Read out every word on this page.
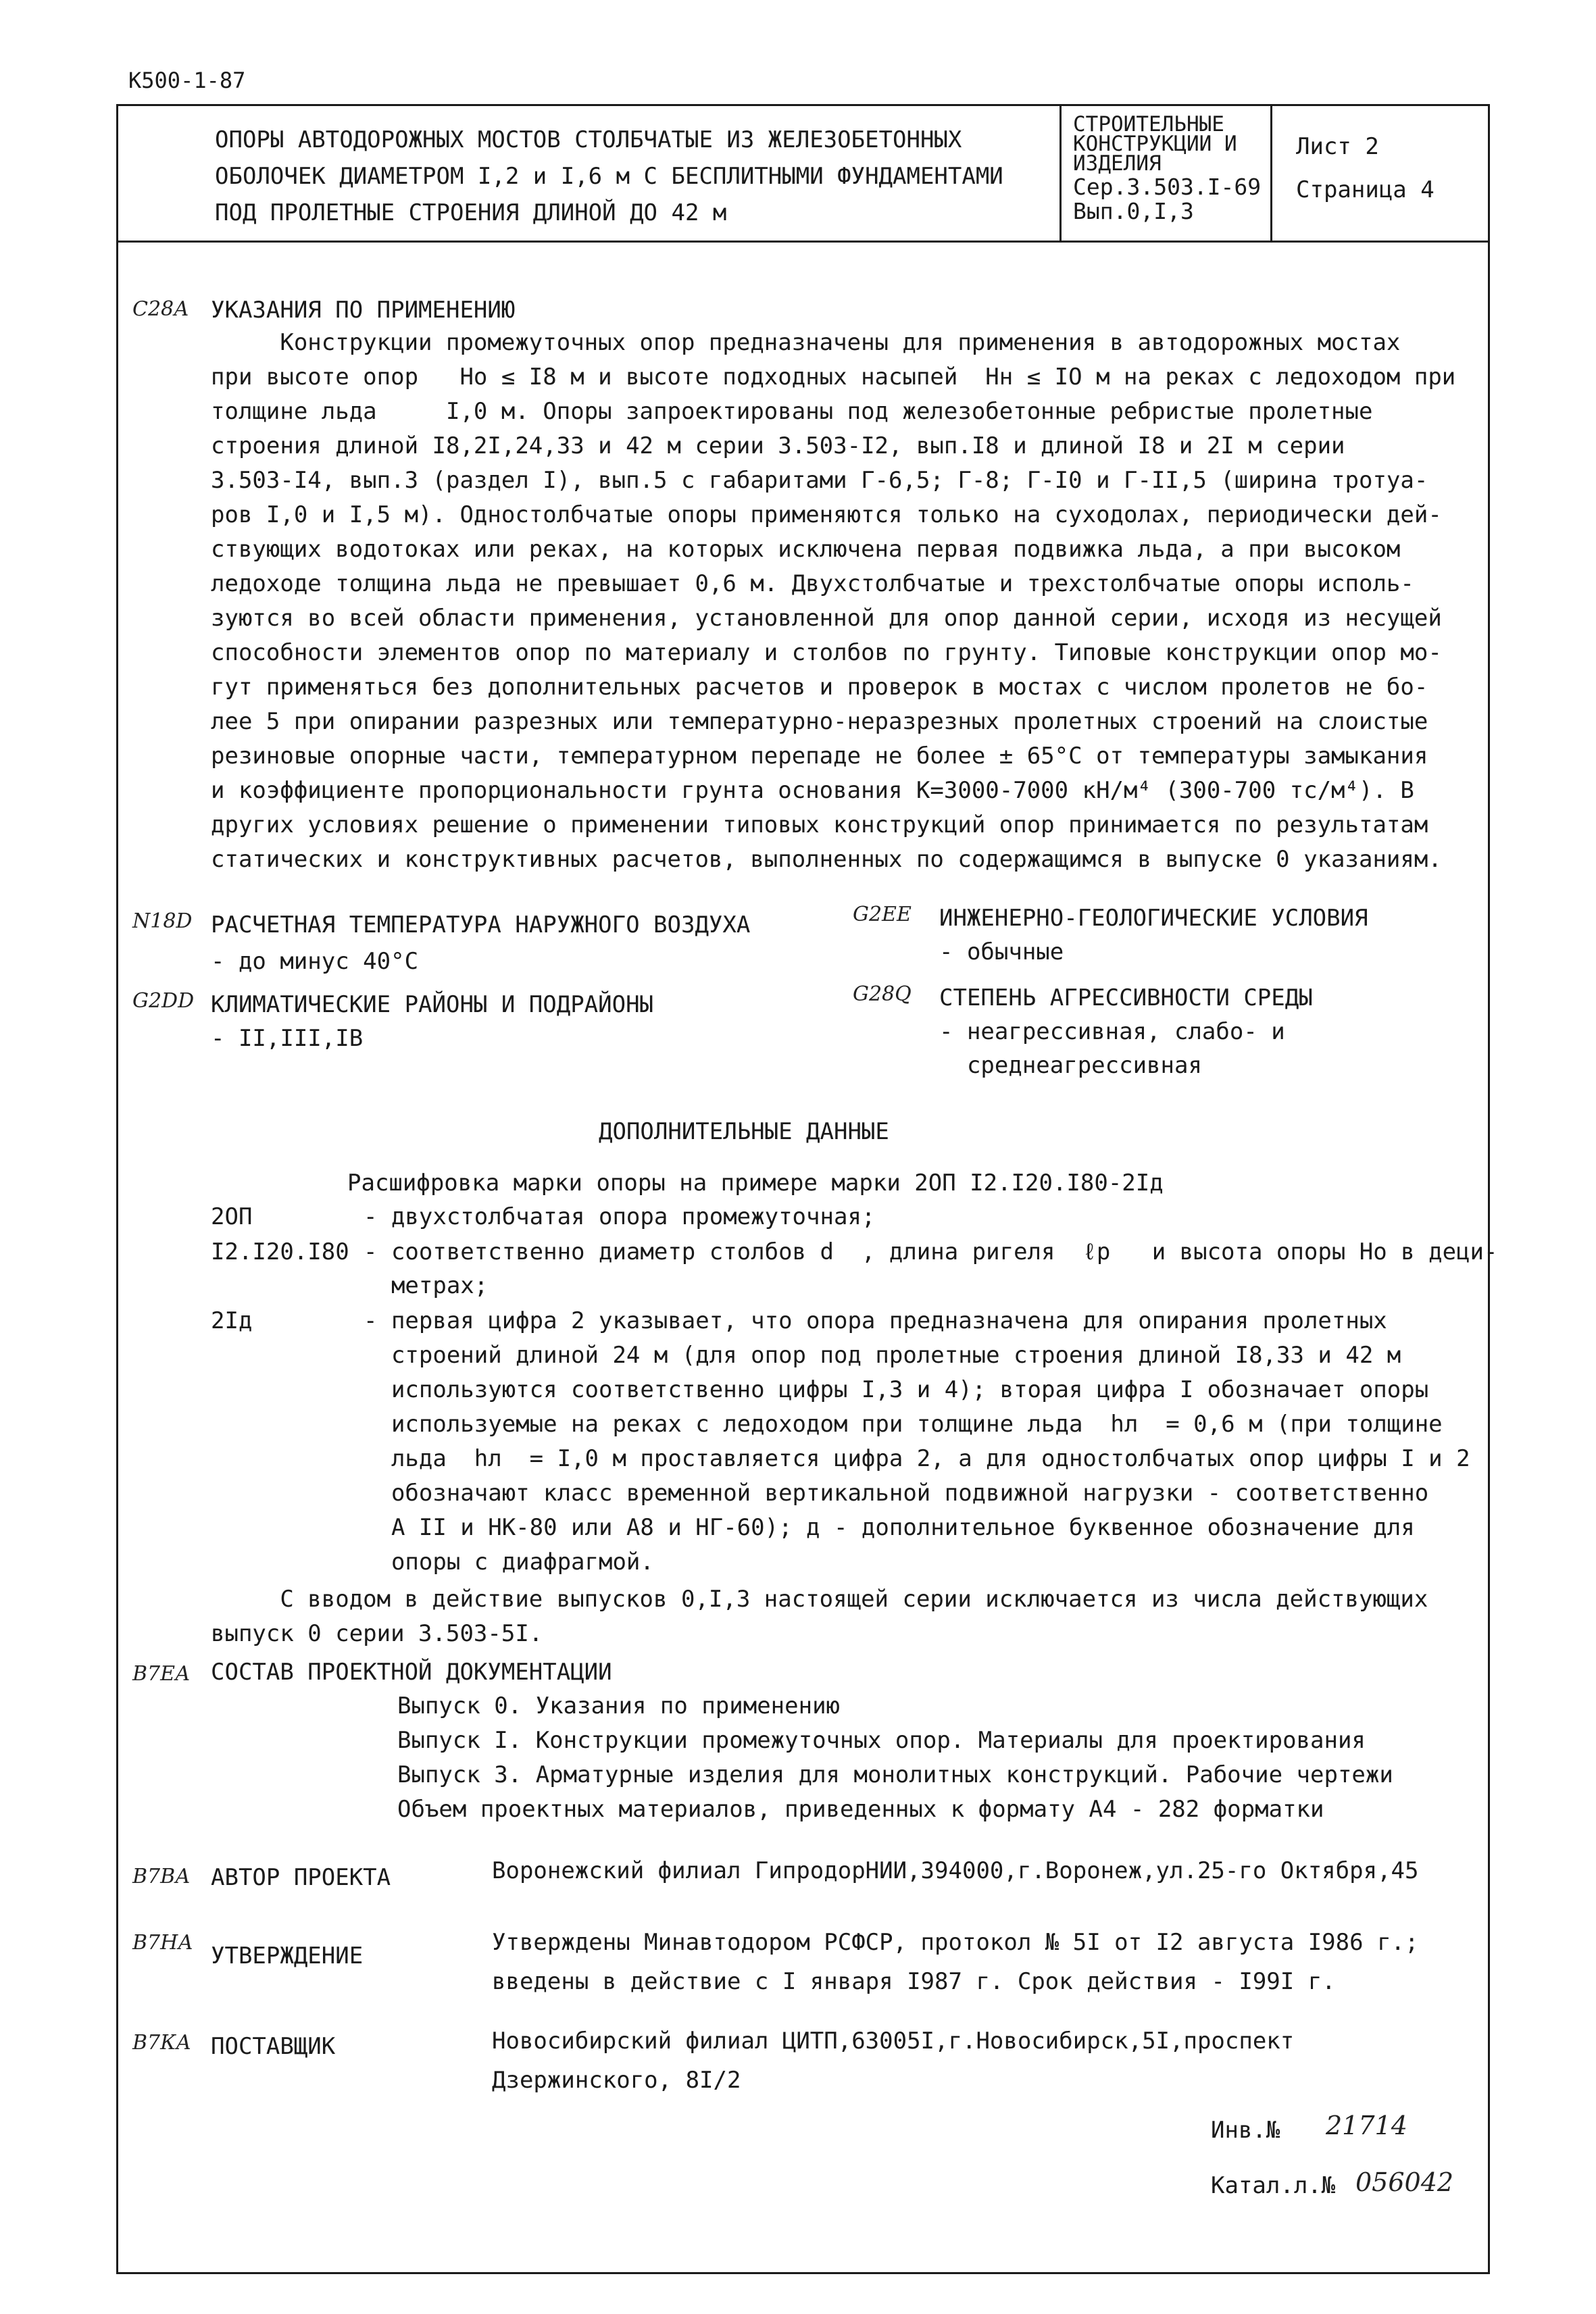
К500-1-87
ОПОРЫ АВТОДОРОЖНЫХ МОСТОВ СТОЛБЧАТЫЕ ИЗ ЖЕЛЕЗОБЕТОННЫХ
ОБОЛОЧЕК ДИАМЕТРОМ I,2 и I,6 м С БЕСПЛИТНЫМИ ФУНДАМЕНТАМИ
ПОД ПРОЛЕТНЫЕ СТРОЕНИЯ ДЛИНОЙ ДО 42 м
СТРОИТЕЛЬНЫЕ
КОНСТРУКЦИИ И
ИЗДЕЛИЯ
Сер.3.503.I-69
Вып.0,I,3
Лист 2
Страница 4
С28А УКАЗАНИЯ ПО ПРИМЕНЕНИЮ
Конструкции промежуточных опор предназначены для применения в автодорожных мостах
при высоте опор   Hо ≤ I8 м и высоте подходных насыпей  Hн ≤ IO м на реках с ледоходом при
толщине льда     I,0 м. Опоры запроектированы под железобетонные ребристые пролетные
строения длиной I8,2I,24,33 и 42 м серии 3.503-I2, вып.I8 и длиной I8 и 2I м серии
3.503-I4, вып.3 (раздел I), вып.5 с габаритами Г-6,5; Г-8; Г-I0 и Г-II,5 (ширина тротуа-
ров I,0 и I,5 м). Одностолбчатые опоры применяются только на суходолах, периодически дей-
ствующих водотоках или реках, на которых исключена первая подвижка льда, а при высоком
ледоходе толщина льда не превышает 0,6 м. Двухстолбчатые и трехстолбчатые опоры исполь-
зуются во всей области применения, установленной для опор данной серии, исходя из несущей
способности элементов опор по материалу и столбов по грунту. Типовые конструкции опор мо-
гут применяться без дополнительных расчетов и проверок в мостах с числом пролетов не бо-
лее 5 при опирании разрезных или температурно-неразрезных пролетных строений на слоистые
резиновые опорные части, температурном перепаде не более ± 65°С от температуры замыкания
и коэффициенте пропорциональности грунта основания К=3000-7000 кН/м⁴ (300-700 тс/м⁴). В
других условиях решение о применении типовых конструкций опор принимается по результатам
статических и конструктивных расчетов, выполненных по содержащимся в выпуске 0 указаниям.
N18D РАСЧЕТНАЯ ТЕМПЕРАТУРА НАРУЖНОГО ВОЗДУХА
- до минус 40°С
G2DD КЛИМАТИЧЕСКИЕ РАЙОНЫ И ПОДРАЙОНЫ
- II,III,IВ
G2EE ИНЖЕНЕРНО-ГЕОЛОГИЧЕСКИЕ УСЛОВИЯ
- обычные
G28Q СТЕПЕНЬ АГРЕССИВНОСТИ СРЕДЫ
- неагрессивная, слабо- и
среднеагрессивная
ДОПОЛНИТЕЛЬНЫЕ ДАННЫЕ
Расшифровка марки опоры на примере марки 2ОП I2.I20.I80-2Iд
2ОП	- двухстолбчатая опора промежуточная;
I2.I20.I80 - соответственно диаметр столбов d  , длина ригеля  ℓр   и высота опоры Hо в деци-
метрах;
2Iд	- первая цифра 2 указывает, что опора предназначена для опирания пролетных
строений длиной 24 м (для опор под пролетные строения длиной I8,33 и 42 м
используются соответственно цифры I,3 и 4); вторая цифра I обозначает опоры
используемые на реках с ледоходом при толщине льда  hл  = 0,6 м (при толщине
льда  hл  = I,0 м проставляется цифра 2, а для одностолбчатых опор цифры I и 2
обозначают класс временной вертикальной подвижной нагрузки - соответственно
А II и НК-80 или А8 и НГ-60); д - дополнительное буквенное обозначение для
опоры с диафрагмой.
С вводом в действие выпусков 0,I,3 настоящей серии исключается из числа действующих
выпуск 0 серии 3.503-5I.
В7ЕА СОСТАВ ПРОЕКТНОЙ ДОКУМЕНТАЦИИ
Выпуск 0. Указания по применению
Выпуск I. Конструкции промежуточных опор. Материалы для проектирования
Выпуск 3. Арматурные изделия для монолитных конструкций. Рабочие чертежи
Объем проектных материалов, приведенных к формату А4 - 282 форматки
В7ВА АВТОР ПРОЕКТА	Воронежский филиал ГипродорНИИ,394000,г.Воронеж,ул.25-го Октября,45
В7НА УТВЕРЖДЕНИЕ	Утверждены Минавтодором РСФСР, протокол № 5I от I2 августа I986 г.;
введены в действие с I января I987 г. Срок действия - I99I г.
В7КА ПОСТАВЩИК	Новосибирский филиал ЦИТП,63005I,г.Новосибирск,5I,проспект
Дзержинского, 8I/2
Инв.№ 21714
Катал.л.№ 056042
